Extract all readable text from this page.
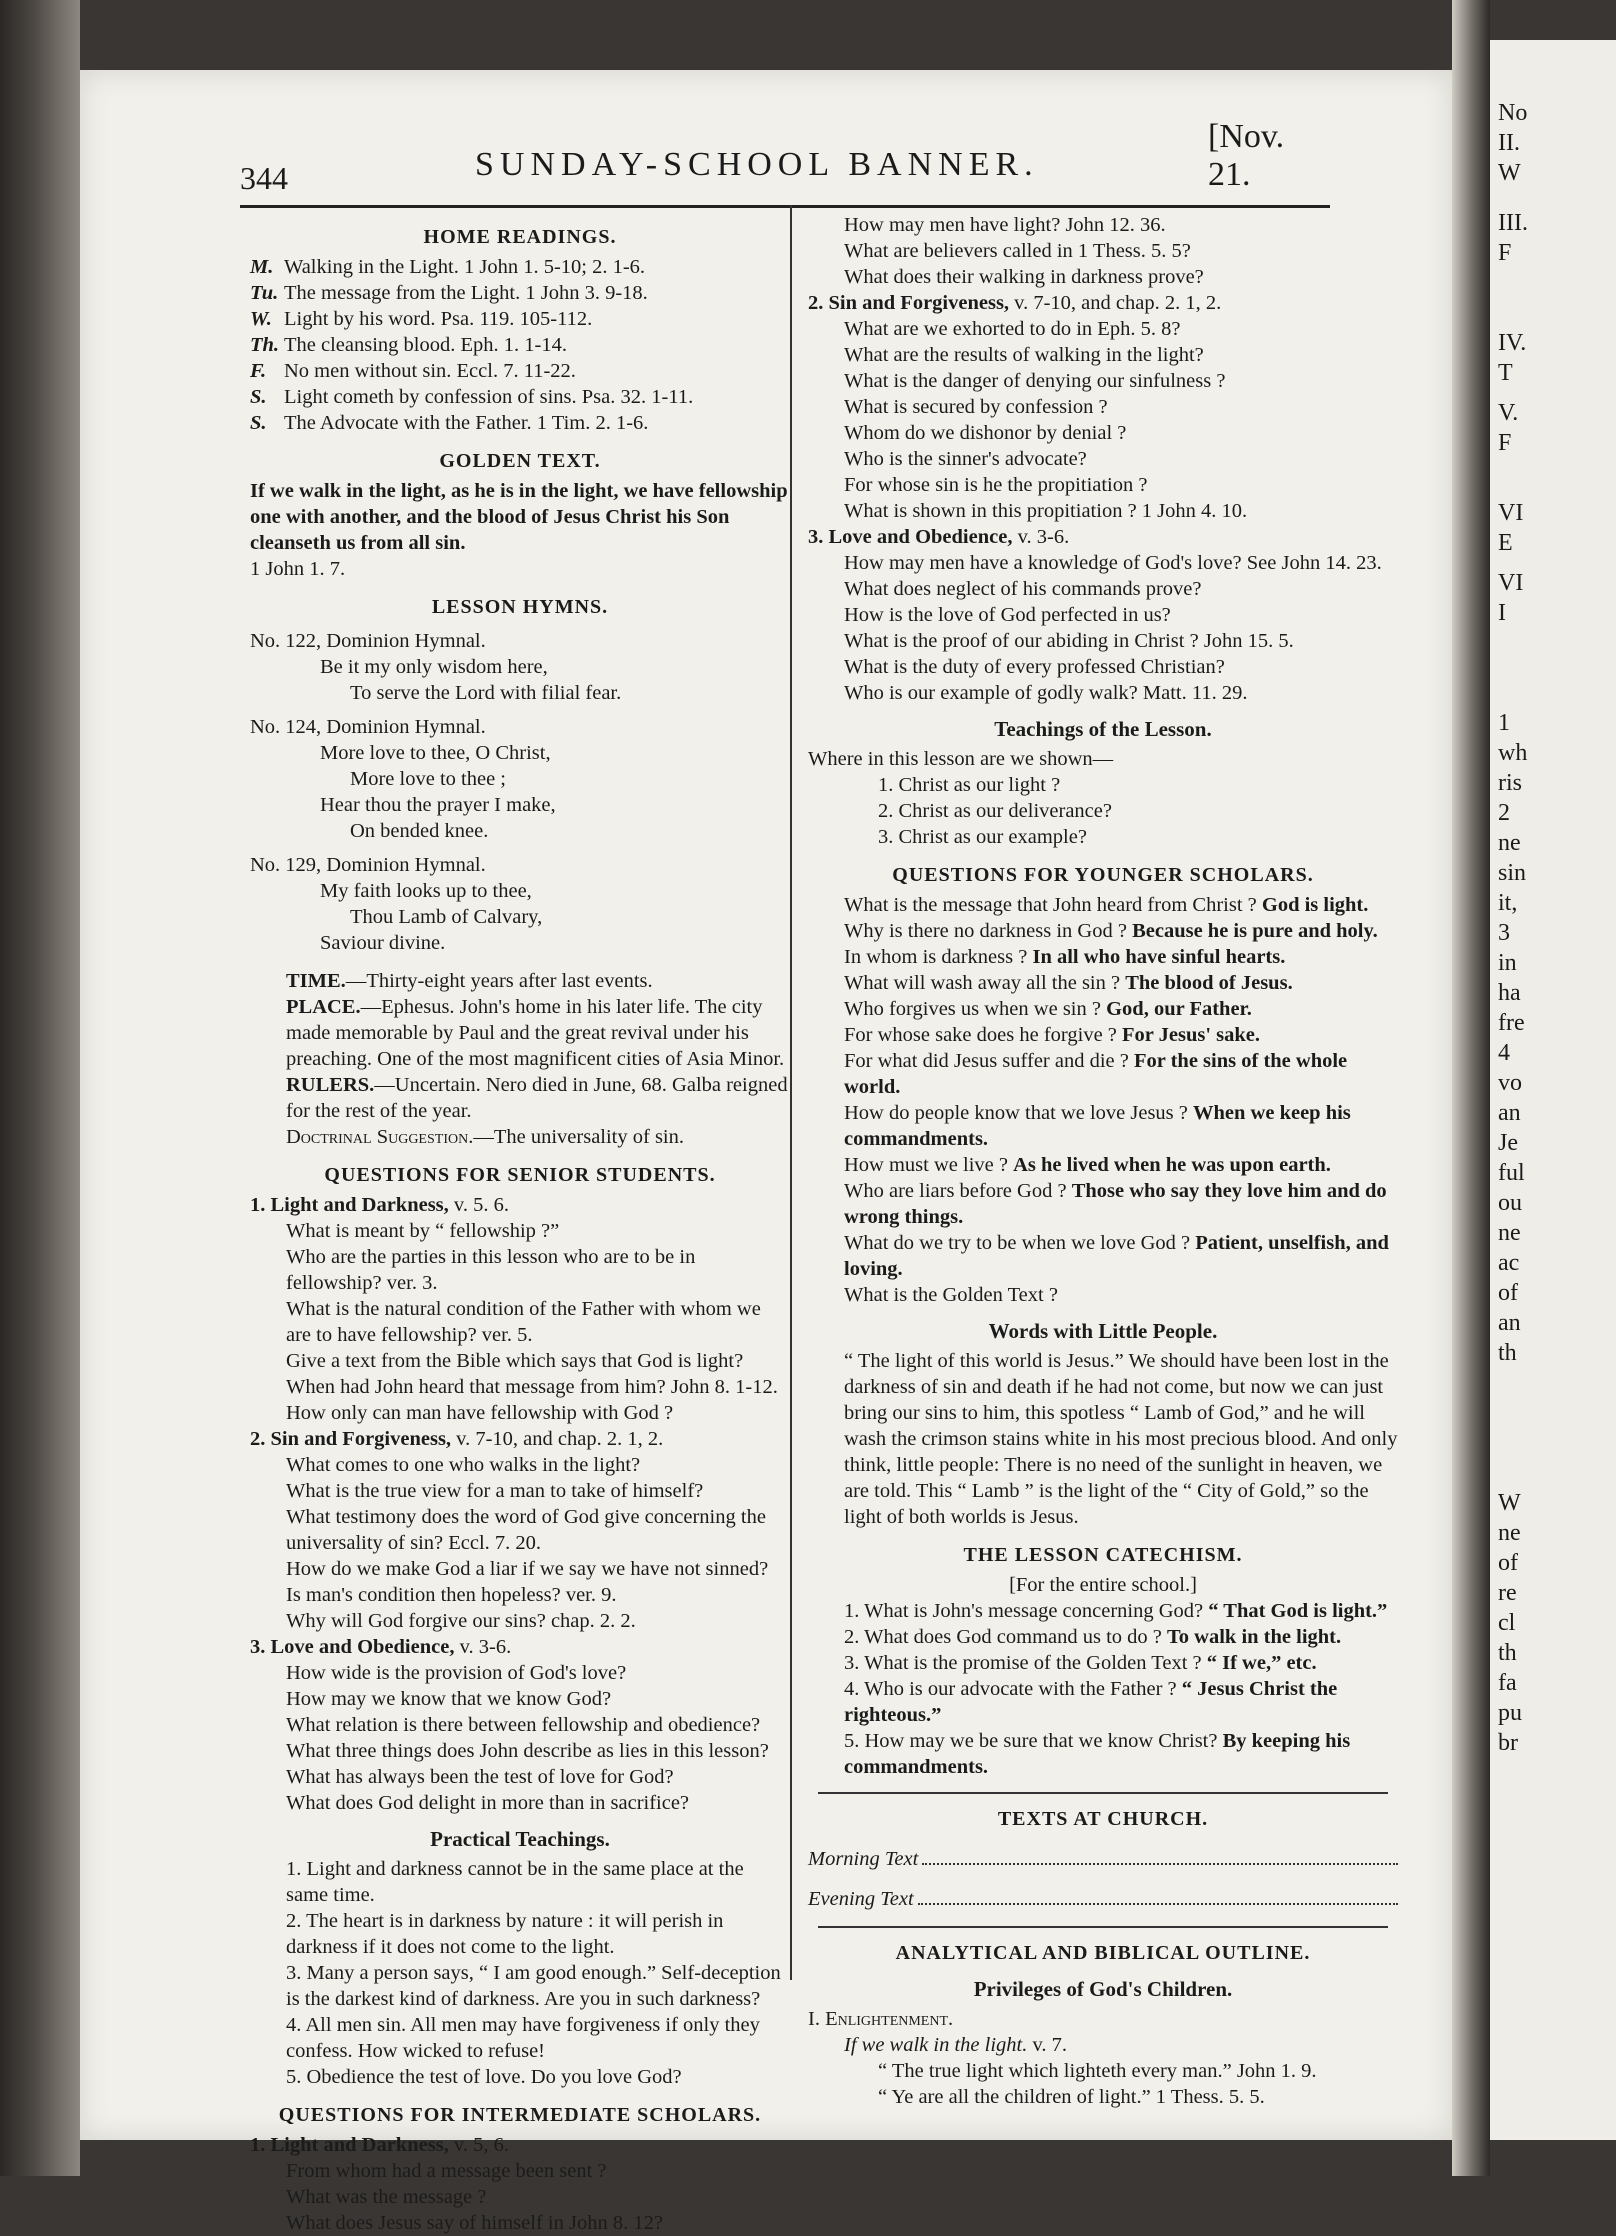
No
II.
W
III.
F
IV.
T
V.
F
VI
E
VI
I
1
wh
ris
2
ne
sin
it,
3
in
ha
fre
4
vo
an
Je
ful
ou
ne
ac
of
an
th
W
ne
of
re
cl
th
fa
pu
br
344	SUNDAY-SCHOOL BANNER.
[Nov. 21.

HOME READINGS.

M. Walking in the Light. 1 John 1. 5-10; 2. 1-6.

Tu. The message from the Light. 1 John 3. 9-18.

W. Light by his word. Psa. 119. 105-112.

Th. The cleansing blood. Eph. 1. 1-14.

F. No men without sin. Eccl. 7. 11-22.

S. Light cometh by confession of sins. Psa. 32. 1-11.

S. The Advocate with the Father. 1 Tim. 2. 1-6.

GOLDEN TEXT.

If we walk in the light, as he is in the light, we have fellowship one with another, and the blood of Jesus Christ his Son cleanseth us from all sin.

1 John 1. 7.

LESSON HYMNS.

No. 122, Dominion Hymnal.

Be it my only wisdom here,

To serve the Lord with filial fear.

No. 124, Dominion Hymnal.

More love to thee, O Christ,

More love to thee ;

Hear thou the prayer I make,

On bended knee.

No. 129, Dominion Hymnal.

My faith looks up to thee,

Thou Lamb of Calvary,

Saviour divine.

TIME.—Thirty-eight years after last events.

PLACE.—Ephesus. John's home in his later life. The city made memorable by Paul and the great revival under his preaching. One of the most magnificent cities of Asia Minor.

RULERS.—Uncertain. Nero died in June, 68. Galba reigned for the rest of the year.

Doctrinal Suggestion.—The universality of sin.

QUESTIONS FOR SENIOR STUDENTS.

1. Light and Darkness, v. 5. 6.

What is meant by “ fellowship ?”

Who are the parties in this lesson who are to be in fellowship? ver. 3.

What is the natural condition of the Father with whom we are to have fellowship? ver. 5.

Give a text from the Bible which says that God is light?

When had John heard that message from him? John 8. 1-12.

How only can man have fellowship with God ?

2. Sin and Forgiveness, v. 7-10, and chap. 2. 1, 2.

What comes to one who walks in the light?

What is the true view for a man to take of himself?

What testimony does the word of God give concerning the universality of sin? Eccl. 7. 20.

How do we make God a liar if we say we have not sinned?

Is man's condition then hopeless? ver. 9.

Why will God forgive our sins? chap. 2. 2.

3. Love and Obedience, v. 3-6.

How wide is the provision of God's love?

How may we know that we know God?

What relation is there between fellowship and obedience?

What three things does John describe as lies in this lesson?

What has always been the test of love for God?

What does God delight in more than in sacrifice?

Practical Teachings.

1. Light and darkness cannot be in the same place at the same time.

2. The heart is in darkness by nature : it will perish in darkness if it does not come to the light.

3. Many a person says, “ I am good enough.” Self-deception is the darkest kind of darkness. Are you in such darkness?

4. All men sin. All men may have forgiveness if only they confess. How wicked to refuse!

5. Obedience the test of love. Do you love God?

QUESTIONS FOR INTERMEDIATE SCHOLARS.

1. Light and Darkness, v. 5, 6.

From whom had a message been sent ?

What was the message ?

What does Jesus say of himself in John 8. 12?

How may men have light? John 12. 36.

What are believers called in 1 Thess. 5. 5?

What does their walking in darkness prove?

2. Sin and Forgiveness, v. 7-10, and chap. 2. 1, 2.

What are we exhorted to do in Eph. 5. 8?

What are the results of walking in the light?

What is the danger of denying our sinfulness ?

What is secured by confession ?

Whom do we dishonor by denial ?

Who is the sinner's advocate?

For whose sin is he the propitiation ?

What is shown in this propitiation ? 1 John 4. 10.

3. Love and Obedience, v. 3-6.

How may men have a knowledge of God's love? See John 14. 23.

What does neglect of his commands prove?

How is the love of God perfected in us?

What is the proof of our abiding in Christ ? John 15. 5.

What is the duty of every professed Christian?

Who is our example of godly walk? Matt. 11. 29.

Teachings of the Lesson.

Where in this lesson are we shown—

1. Christ as our light ?

2. Christ as our deliverance?

3. Christ as our example?

QUESTIONS FOR YOUNGER SCHOLARS.

What is the message that John heard from Christ ? God is light.

Why is there no darkness in God ? Because he is pure and holy.

In whom is darkness ? In all who have sinful hearts.

What will wash away all the sin ? The blood of Jesus.

Who forgives us when we sin ? God, our Father.

For whose sake does he forgive ? For Jesus' sake.

For what did Jesus suffer and die ? For the sins of the whole world.

How do people know that we love Jesus ? When we keep his commandments.

How must we live ? As he lived when he was upon earth.

Who are liars before God ? Those who say they love him and do wrong things.

What do we try to be when we love God ? Patient, unselfish, and loving.

What is the Golden Text ?

Words with Little People.

“ The light of this world is Jesus.” We should have been lost in the darkness of sin and death if he had not come, but now we can just bring our sins to him, this spotless “ Lamb of God,” and he will wash the crimson stains white in his most precious blood. And only think, little people: There is no need of the sunlight in heaven, we are told. This “ Lamb ” is the light of the “ City of Gold,” so the light of both worlds is Jesus.

THE LESSON CATECHISM.

[For the entire school.]

1. What is John's message concerning God? “ That God is light.”

2. What does God command us to do ? To walk in the light.

3. What is the promise of the Golden Text ? “ If we,” etc.

4. Who is our advocate with the Father ? “ Jesus Christ the righteous.”

5. How may we be sure that we know Christ? By keeping his commandments.

TEXTS AT CHURCH.

Morning Text

Evening Text

ANALYTICAL AND BIBLICAL OUTLINE.

Privileges of God's Children.

I. Enlightenment.

If we walk in the light. v. 7.

“ The true light which lighteth every man.” John 1. 9.

“ Ye are all the children of light.” 1 Thess. 5. 5.
